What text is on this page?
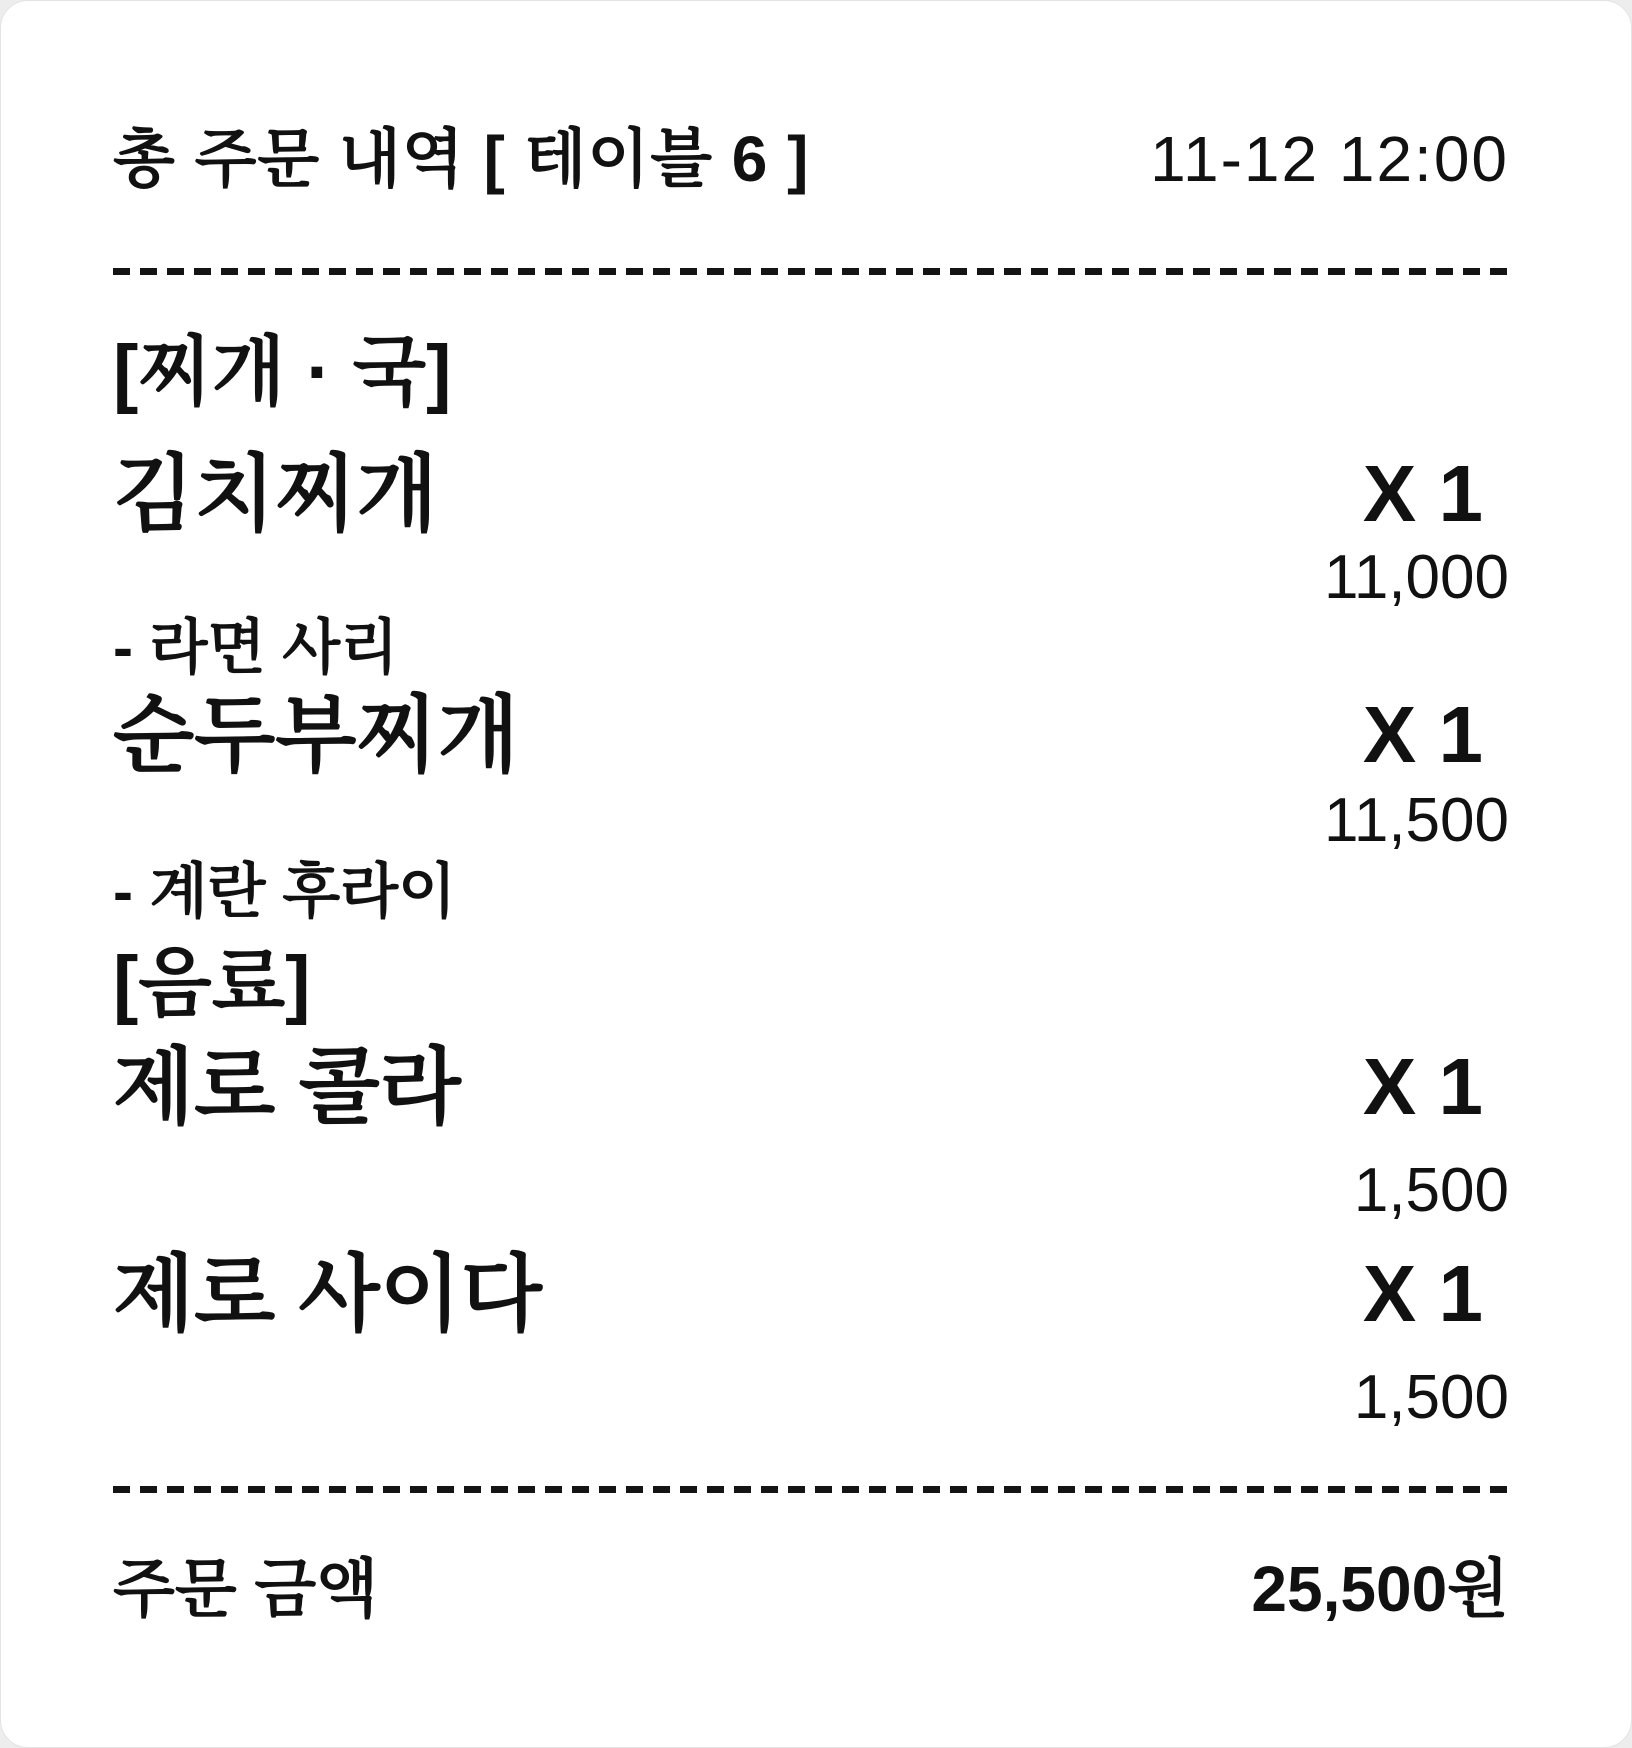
총 주문 내역 [ 테이블 6 ]	11-12 12:00
[찌개 · 국]
김치찌개	X 1
11,000
- 라면 사리
순두부찌개	X 1
11,500
- 계란 후라이
[음료]
제로 콜라	X 1
1,500
제로 사이다	X 1
1,500
주문 금액	25,500원
